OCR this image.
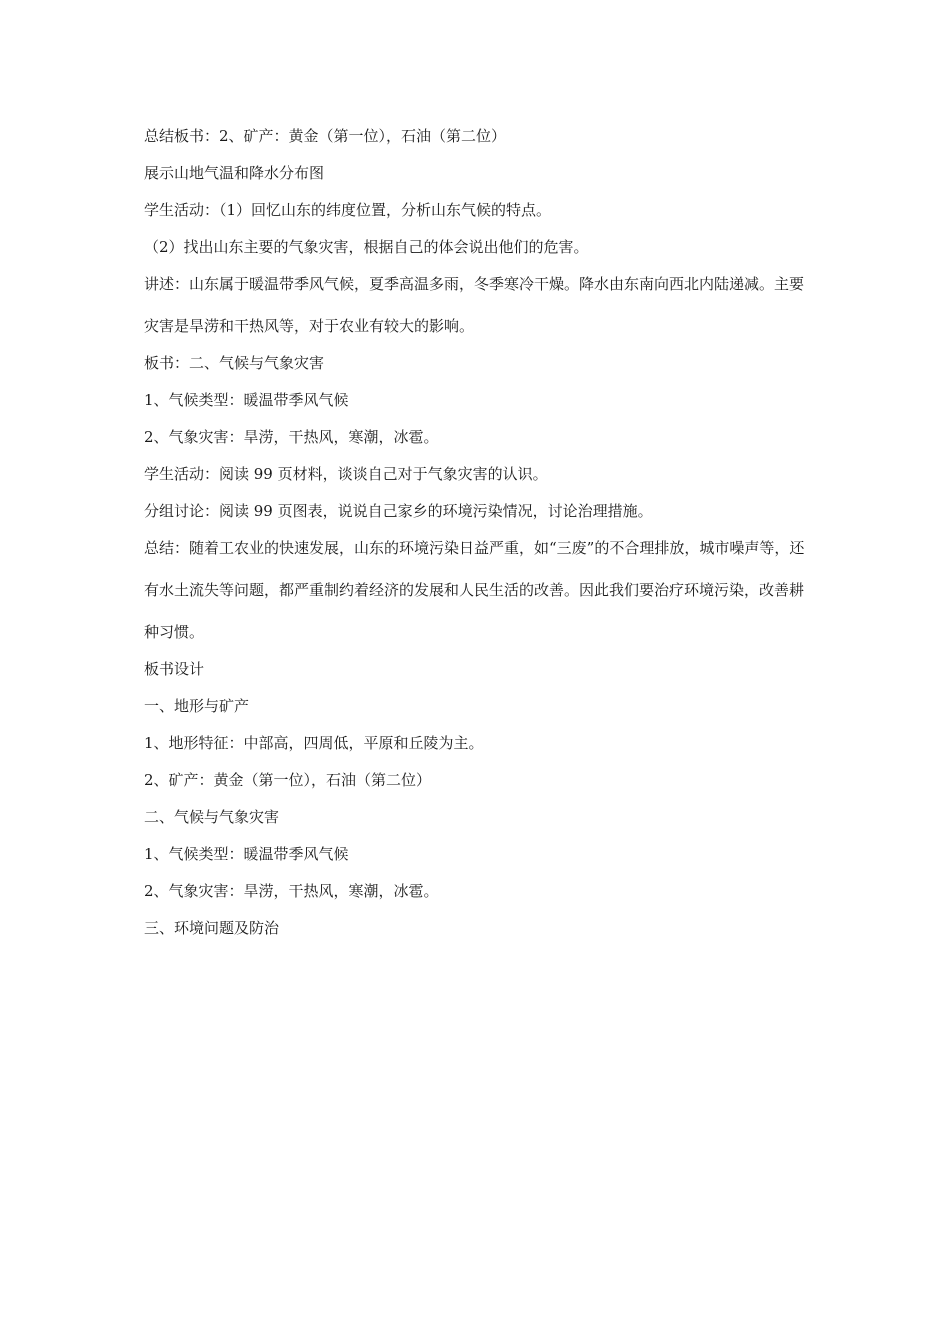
总结板书：2、矿产：黄金（第一位），石油（第二位）
展示山地气温和降水分布图
学生活动：（1）回忆山东的纬度位置，分析山东气候的特点。
（2）找出山东主要的气象灾害，根据自己的体会说出他们的危害。
讲述：山东属于暖温带季风气候，夏季高温多雨，冬季寒冷干燥。降水由东南向西北内陆递减。主要灾害是旱涝和干热风等，对于农业有较大的影响。
板书：二、气候与气象灾害
1、气候类型：暖温带季风气候
2、气象灾害：旱涝，干热风，寒潮，冰雹。
学生活动：阅读 99 页材料，谈谈自己对于气象灾害的认识。
分组讨论：阅读 99 页图表，说说自己家乡的环境污染情况，讨论治理措施。
总结：随着工农业的快速发展，山东的环境污染日益严重，如“三废”的不合理排放，城市噪声等，还有水土流失等问题，都严重制约着经济的发展和人民生活的改善。因此我们要治疗环境污染，改善耕种习惯。
板书设计
一、地形与矿产
1、地形特征：中部高，四周低，平原和丘陵为主。
2、矿产：黄金（第一位），石油（第二位）
二、气候与气象灾害
1、气候类型：暖温带季风气候
2、气象灾害：旱涝，干热风，寒潮，冰雹。
三、环境问题及防治
